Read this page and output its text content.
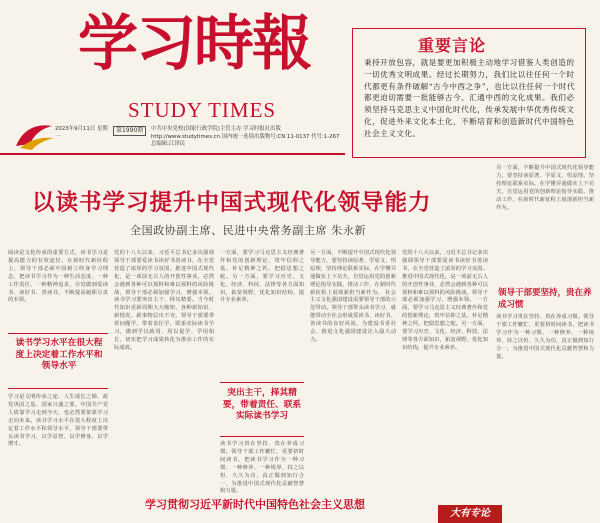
学习時報
STUDY TIMES
2023年9月11日 星期一
第1990期	中共中央党校(国家行政学院)主管主办 学习时报社出版 http://www.studytimes.cn 国内统一连续出版物号:CN 11-0137 代号:1-267 总编辑:江泽民
重要言论
秉持开放包容，就是要更加积极主动地学习借鉴人类创造的一切优秀文明成果。经过长期努力，我们比以往任何一个时代都更有条件破解“古今中西之争”，也比以往任何一个时代都更迫切需要一批能够古今、汇通中西的文化成果。我们必须坚持马克思主义中国化时代化，传承发展中华优秀传统文化，促进外来文化本土化，不断培育和创造新时代中国特色社会主义文化。
以读书学习提升中国式现代化领导能力
全国政协副主席、民进中央常务副主席 朱永新
阅读是文化传承的重要方式，读书学习是提高能力的有效途径。在新时代新征程上，领导干部必须牢固树立终身学习理念，把读书学习作为一种生活态度、一种工作责任、一种精神追求，自觉做到爱读书、读好书、善读书，不断提高履职尽责的本领。
读书学习水平在很大程度上决定着工作水平和领导水平
学习是文明传承之途、人生成长之梯、政党巩固之基、国家兴盛之要。中国共产党人依靠学习走到今天，也必然要依靠学习走向未来。读书学习水平在很大程度上决定着工作水平和领导水平，领导干部要带头读书学习，以学益智、以学修身、以学增才。
党的十八大以来，习近平总书记多次强调领导干部要爱读书读好书善读书，在全党营造了浓厚的学习氛围。推进中国式现代化，是一项前无古人的开创性事业，必然会遇到各种可以预料和难以预料的风险挑战，领导干部必须加强学习，增强本领。 读书学习要突出主干、择其精要。当今时代知识更新周期大大缩短，各种新知识、新情况、新事物层出不穷。领导干部要带着问题学、带着责任学，联系实际读书学习，做到学以致用、用以促学、学用相长，切实把学习成果转化为推动工作的实际成效。
一方面，要学习马克思主义经典著作和党的创新理论，筑牢信仰之基、补足精神之钙、把稳思想之舵。另一方面，要学习历史、文化、经济、科技、法律等各方面知识，拓宽视野，优化知识结构，提升专业素养。
突出主干，择其精要，带着责任、联系实际读书学习
读书学习贵在坚持、贵在养成习惯。领导干部工作繁忙，更要挤时间读书，把读书学习作为一种习惯、一种修养、一种境界，持之以恒、久久为功，真正做到知行合一，为推进中国式现代化贡献智慧和力量。
另一方面，不断提升中国式现代化领导能力，要坚持读原著、学原文、悟原理，坚持理论联系实际，在学懂弄通做实上下功夫，自觉运用党的创新理论指导实践、推动工作，在新时代新征程上展现新担当新作为。 社会主义文化强国建设需要领导干部的示范带动。领导干部带头读书学习，就能带动全社会形成爱读书、读好书、善读书的良好风尚，为建设书香社会、推进文化强国建设注入强大动力。
党的十八大以来，习近平总书记多次强调领导干部要爱读书读好书善读书，在全党营造了浓厚的学习氛围。推进中国式现代化，是一项前无古人的开创性事业，必然会遇到各种可以预料和难以预料的风险挑战，领导干部必须加强学习，增强本领。 一方面，要学习马克思主义经典著作和党的创新理论，筑牢信仰之基、补足精神之钙、把稳思想之舵。另一方面，要学习历史、文化、经济、科技、法律等各方面知识，拓宽视野，优化知识结构，提升专业素养。
另一方面，不断提升中国式现代化领导能力，要坚持读原著、学原文、悟原理，坚持理论联系实际，在学懂弄通做实上下功夫，自觉运用党的创新理论指导实践、推动工作，在新时代新征程上展现新担当新作为。
领导干部要坚持，贵在养成习惯
读书学习贵在坚持、贵在养成习惯。领导干部工作繁忙，更要挤时间读书，把读书学习作为一种习惯、一种修养、一种境界，持之以恒、久久为功，真正做到知行合一，为推进中国式现代化贡献智慧和力量。
学习贯彻习近平新时代中国特色社会主义思想
大有专论
